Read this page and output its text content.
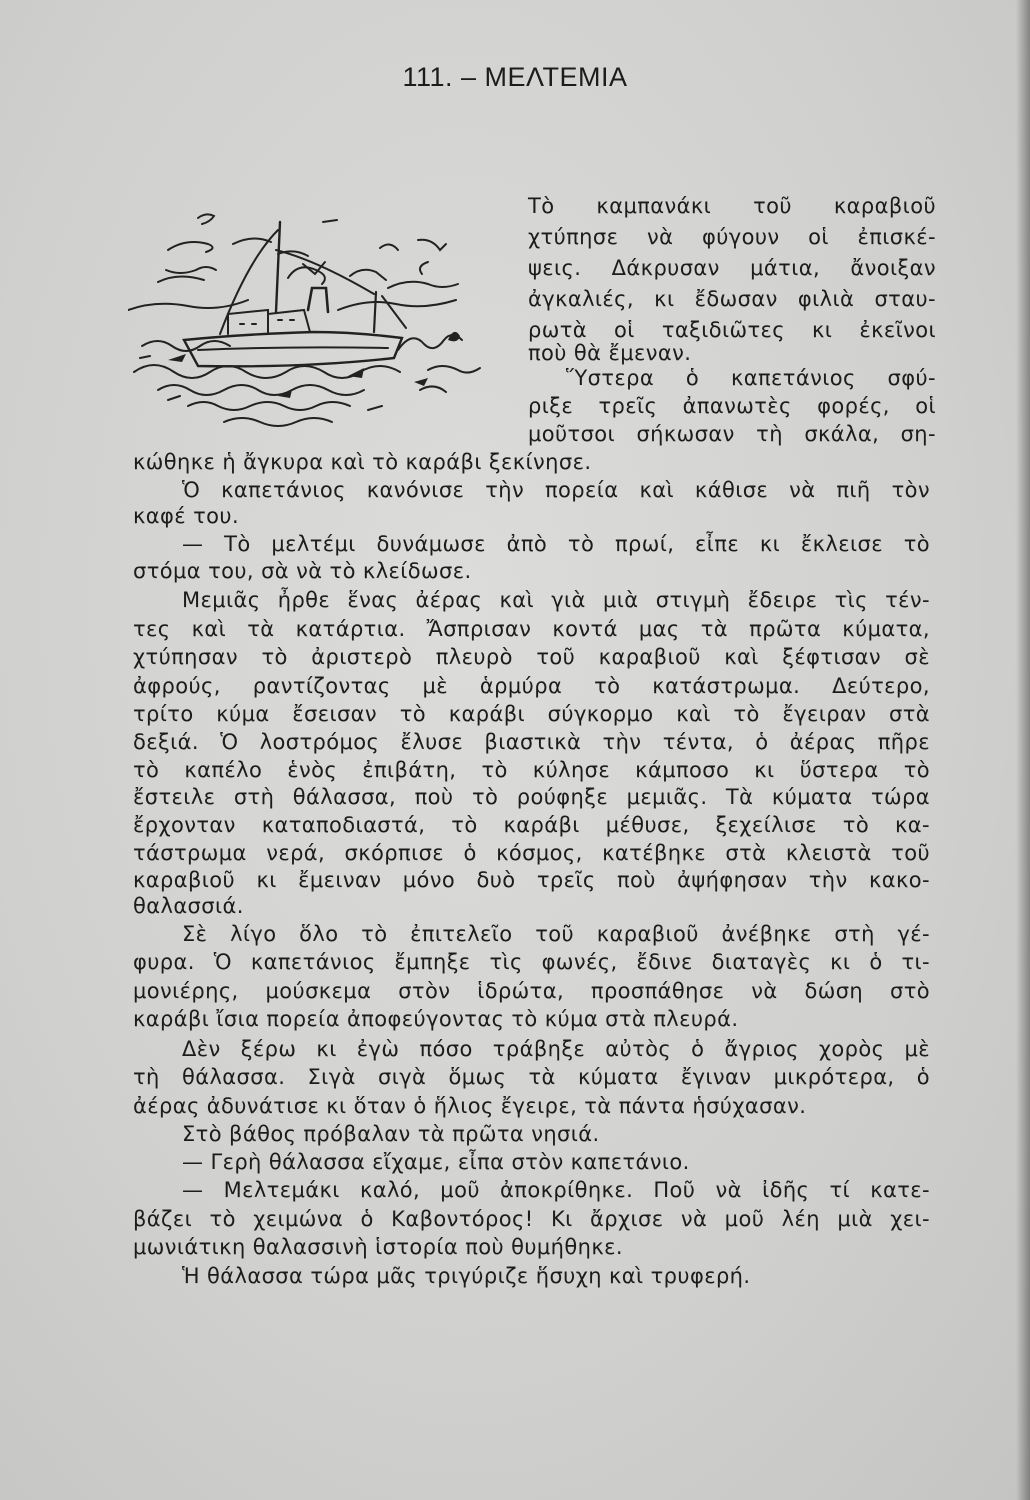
111. – ΜΕΛΤΕΜΙΑ
Τὸ καμπανάκι τοῦ καραβιοῦ
χτύπησε νὰ φύγουν οἱ ἐπισκέ-
ψεις. Δάκρυσαν μάτια, ἄνοιξαν
ἀγκαλιές, κι ἔδωσαν φιλιὰ σταυ-
ρωτὰ οἱ ταξιδιῶτες κι ἐκεῖνοι
ποὺ θὰ ἔμεναν.
Ὕστερα ὁ καπετάνιος σφύ-
ριξε τρεῖς ἀπανωτὲς φορές, οἱ
μοῦτσοι σήκωσαν τὴ σκάλα, ση-
κώθηκε ἡ ἄγκυρα καὶ τὸ καράβι ξεκίνησε.
Ὁ καπετάνιος κανόνισε τὴν πορεία καὶ κάθισε νὰ πιῆ τὸν
καφέ του.
— Τὸ μελτέμι δυνάμωσε ἀπὸ τὸ πρωί, εἶπε κι ἔκλεισε τὸ
στόμα του, σὰ νὰ τὸ κλείδωσε.
Μεμιᾶς ἦρθε ἕνας ἀέρας καὶ γιὰ μιὰ στιγμὴ ἔδειρε τὶς τέν-
τες καὶ τὰ κατάρτια. Ἄσπρισαν κοντά μας τὰ πρῶτα κύματα,
χτύπησαν τὸ ἀριστερὸ πλευρὸ τοῦ καραβιοῦ καὶ ξέφτισαν σὲ
ἀφρούς, ραντίζοντας μὲ ἁρμύρα τὸ κατάστρωμα. Δεύτερο,
τρίτο κύμα ἔσεισαν τὸ καράβι σύγκορμο καὶ τὸ ἔγειραν στὰ
δεξιά. Ὁ λοστρόμος ἔλυσε βιαστικὰ τὴν τέντα, ὁ ἀέρας πῆρε
τὸ καπέλο ἑνὸς ἐπιβάτη, τὸ κύλησε κάμποσο κι ὕστερα τὸ
ἔστειλε στὴ θάλασσα, ποὺ τὸ ρούφηξε μεμιᾶς. Τὰ κύματα τώρα
ἔρχονταν καταποδιαστά, τὸ καράβι μέθυσε, ξεχείλισε τὸ κα-
τάστρωμα νερά, σκόρπισε ὁ κόσμος, κατέβηκε στὰ κλειστὰ τοῦ
καραβιοῦ κι ἔμειναν μόνο δυὸ τρεῖς ποὺ ἀψήφησαν τὴν κακο-
θαλασσιά.
Σὲ λίγο ὅλο τὸ ἐπιτελεῖο τοῦ καραβιοῦ ἀνέβηκε στὴ γέ-
φυρα. Ὁ καπετάνιος ἔμπηξε τὶς φωνές, ἔδινε διαταγὲς κι ὁ τι-
μονιέρης, μούσκεμα στὸν ἱδρώτα, προσπάθησε νὰ δώση στὸ
καράβι ἴσια πορεία ἀποφεύγοντας τὸ κύμα στὰ πλευρά.
Δὲν ξέρω κι ἐγὼ πόσο τράβηξε αὐτὸς ὁ ἄγριος χορὸς μὲ
τὴ θάλασσα. Σιγὰ σιγὰ ὅμως τὰ κύματα ἔγιναν μικρότερα, ὁ
ἀέρας ἀδυνάτισε κι ὅταν ὁ ἥλιος ἔγειρε, τὰ πάντα ἡσύχασαν.
Στὸ βάθος πρόβαλαν τὰ πρῶτα νησιά.
— Γερὴ θάλασσα εἴχαμε, εἶπα στὸν καπετάνιο.
— Μελτεμάκι καλό, μοῦ ἀποκρίθηκε. Ποῦ νὰ ἰδῆς τί κατε-
βάζει τὸ χειμώνα ὁ Καβοντόρος! Κι ἄρχισε νὰ μοῦ λέη μιὰ χει-
μωνιάτικη θαλασσινὴ ἱστορία ποὺ θυμήθηκε.
Ἡ θάλασσα τώρα μᾶς τριγύριζε ἥσυχη καὶ τρυφερή.
